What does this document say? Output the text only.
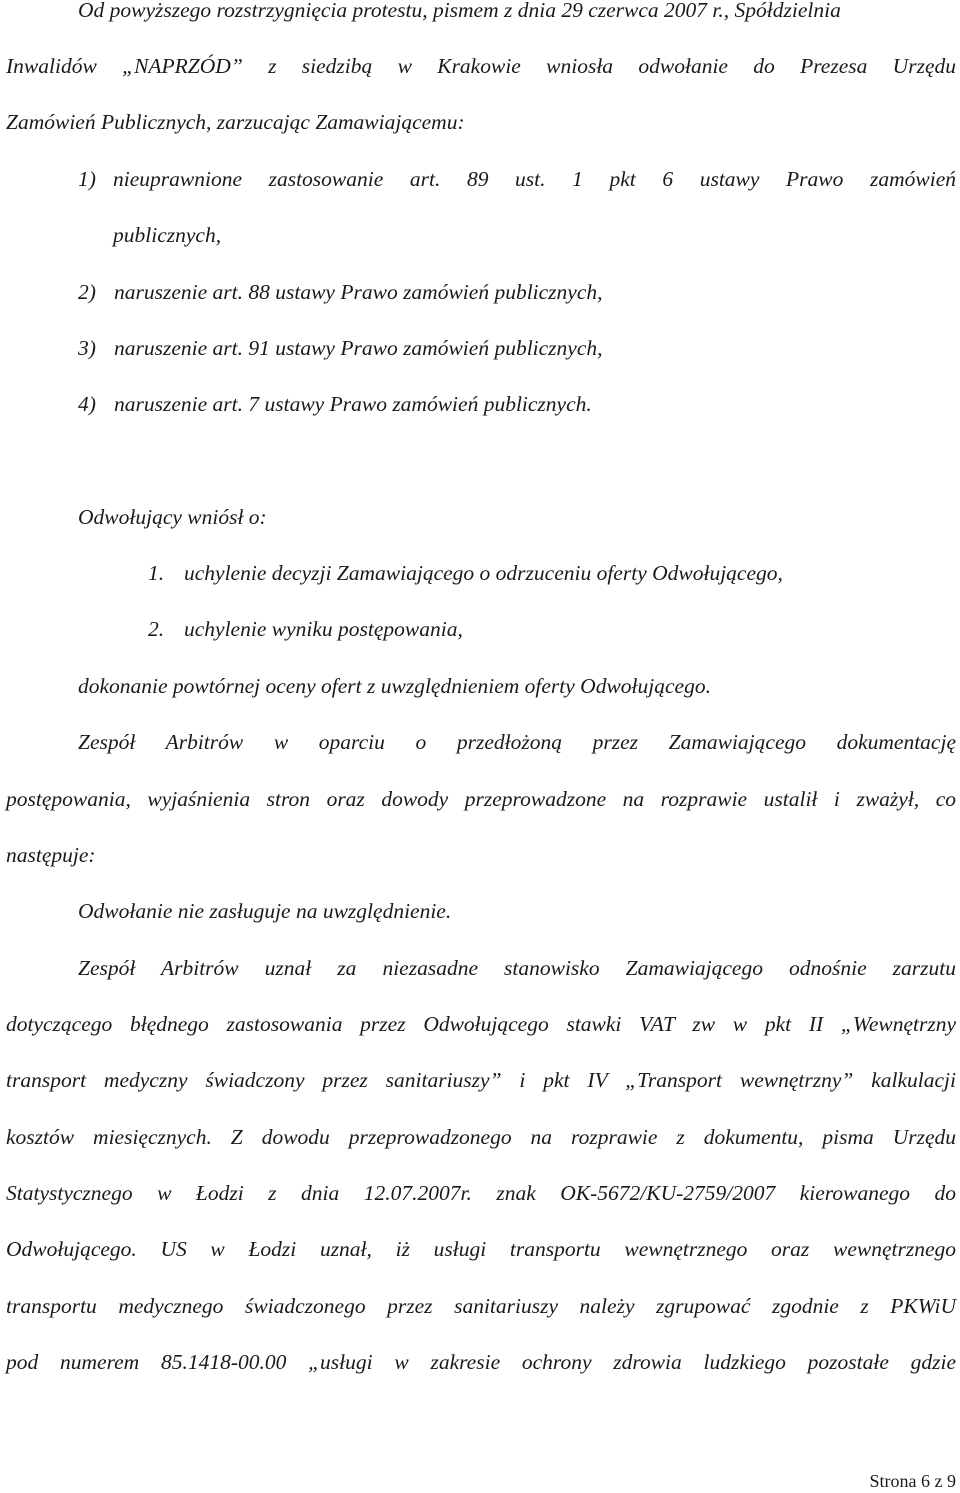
Od powyższego rozstrzygnięcia protestu, pismem z dnia 29 czerwca 2007 r., Spółdzielnia

Inwalidów „NAPRZÓD” z siedzibą w Krakowie wniosła odwołanie do Prezesa Urzędu

Zamówień Publicznych, zarzucając Zamawiającemu:

1) nieuprawnione zastosowanie art. 89 ust. 1 pkt 6 ustawy Prawo zamówień

publicznych,

2) naruszenie art. 88 ustawy Prawo zamówień publicznych,
3) naruszenie art. 91 ustawy Prawo zamówień publicznych,
4) naruszenie art. 7 ustawy Prawo zamówień publicznych.

Odwołujący wniósł o:

1. uchylenie decyzji Zamawiającego o odrzuceniu oferty Odwołującego,
2. uchylenie wyniku postępowania,

dokonanie powtórnej oceny ofert z uwzględnieniem oferty Odwołującego.

Zespół Arbitrów w oparciu o przedłożoną przez Zamawiającego dokumentację

postępowania, wyjaśnienia stron oraz dowody przeprowadzone na rozprawie ustalił i zważył, co

następuje:

Odwołanie nie zasługuje na uwzględnienie.

Zespół Arbitrów uznał za niezasadne stanowisko Zamawiającego odnośnie zarzutu

dotyczącego błędnego zastosowania przez Odwołującego stawki VAT zw w pkt II „Wewnętrzny

transport medyczny świadczony przez sanitariuszy” i pkt IV „Transport wewnętrzny” kalkulacji

kosztów miesięcznych. Z dowodu przeprowadzonego na rozprawie z dokumentu, pisma Urzędu

Statystycznego w Łodzi z dnia 12.07.2007r. znak OK-5672/KU-2759/2007 kierowanego do

Odwołującego. US w Łodzi uznał, iż usługi transportu wewnętrznego oraz wewnętrznego

transportu medycznego świadczonego przez sanitariuszy należy zgrupować zgodnie z PKWiU

pod numerem 85.1418-00.00 „usługi w zakresie ochrony zdrowia ludzkiego pozostałe gdzie

Strona 6 z 9
